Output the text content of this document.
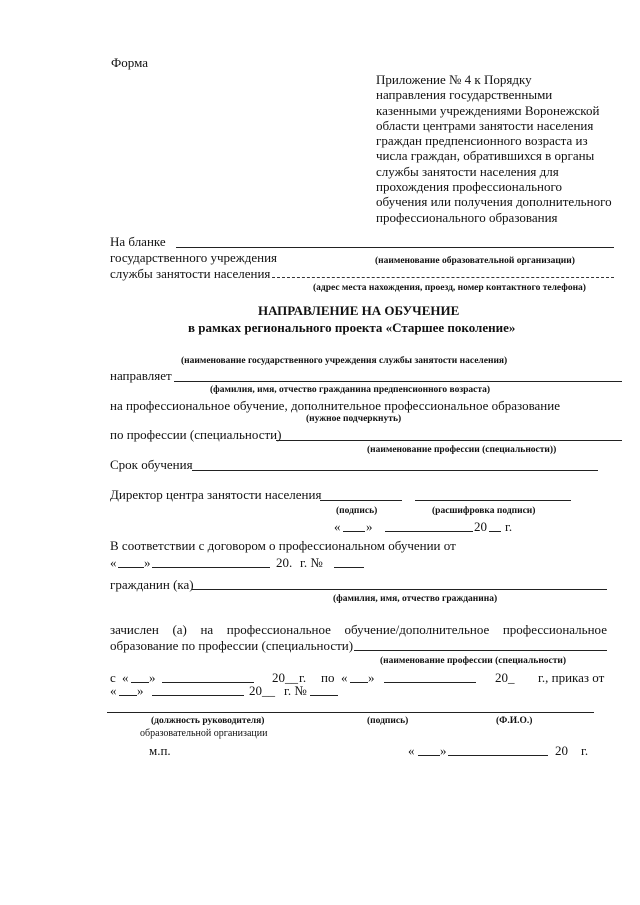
Форма
Приложение № 4 к Порядку
направления государственными
казенными учреждениями Воронежской
области центрами занятости населения
граждан предпенсионного возраста из
числа граждан, обратившихся в органы
службы занятости населения для
прохождения профессионального
обучения или получения дополнительного
профессионального образования
На бланке
государственного учреждения	(наименование образовательной организации)
службы занятости населения
(адрес места нахождения, проезд, номер контактного телефона)
НАПРАВЛЕНИЕ НА ОБУЧЕНИЕ
в рамках регионального проекта «Старшее поколение»
(наименование государственного учреждения службы занятости населения)
направляет
(фамилия, имя, отчество гражданина предпенсионного возраста)
на профессиональное обучение, дополнительное профессиональное образование
(нужное подчеркнуть)
по профессии (специальности)
(наименование профессии (специальности))
Срок обучения
Директор центра занятости населения
(подпись)	(расшифровка подписи)
« »	20 г.
В соответствии с договором о профессиональном обучении от
« »	20. г. №
гражданин (ка)
(фамилия, имя, отчество гражданина)
зачислен (а) на профессиональное обучение/дополнительное профессиональное
образование по профессии (специальности)
(наименование профессии (специальности)
с « »	20__ г. по « »	20_ г., приказ от
« »	20__ г. №
(должность руководителя)	(подпись)	(Ф.И.О.)
образовательной организации
м.п.	« »	20 г.
